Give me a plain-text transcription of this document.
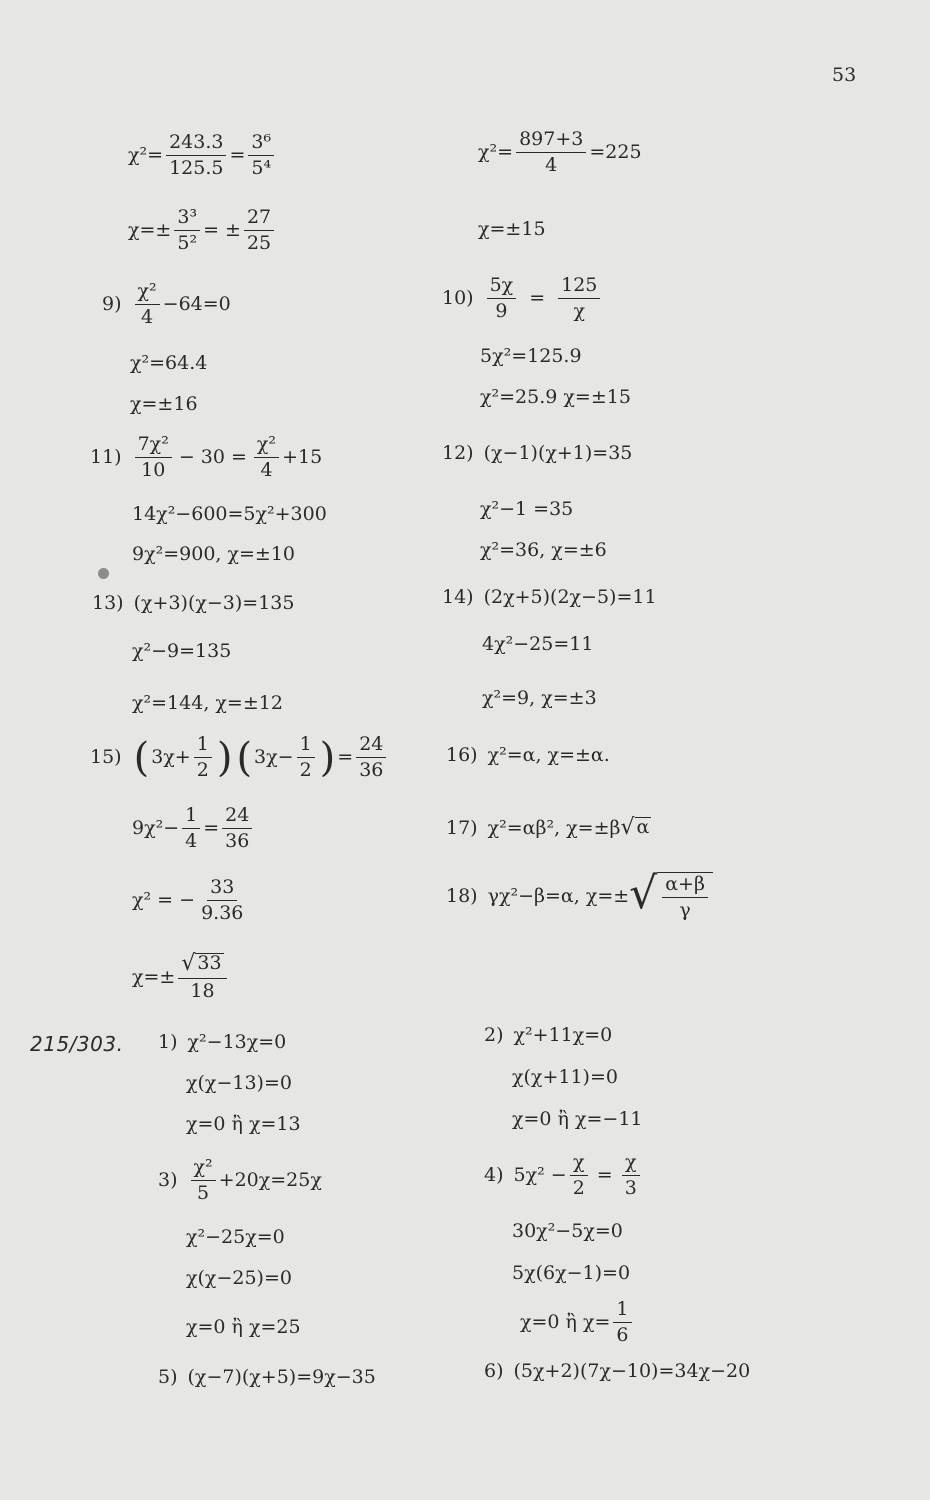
53
$\chi^2= \frac{243.3}{125.5} = \frac{\text{3⁶}}{\text{5⁴}}$
$\chi=\pm \frac{\text{3³}}{\text{5²}}$ = ± $\frac{27}{25}$
$\chi^2= \frac{897+3}{4} =225$
χ=±15
$9) \frac{\text{χ²}}{4} -64=0$
χ²=64.4
χ=±16
$10) \frac{5\chi}{9} = \frac{125}{\chi}$
5χ²=125.9
χ²=25.9 χ=±15
$11) \frac{\text{7χ²}}{10} - 30 = \frac{\text{χ²}}{4} +15$
14χ²−600=5χ²+300
9χ²=900, χ=±10
12) (χ−1)(χ+1)=35
χ²−1 =35
χ²=36, χ=±6
13) (χ+3)(χ−3)=135
χ²−9=135
χ²=144, χ=±12
14) (2χ+5)(2χ−5)=11
4χ²−25=11
χ²=9, χ=±3
15) ( $3\chi+ \frac{1}{2}$ ) ( $3\chi- \frac{1}{2}$ ) = $\frac{24}{36}$
$9\chi^2- \frac{1}{4} = \frac{24}{36}$
χ² = − $\frac{33}{9.36}$
$\chi=\pm \frac{√ 33}{18}$
16) χ²=α, χ=±α.
17) χ²=αβ², χ=±β √ α
18) γχ²−β=α, χ=± √ $\frac{\alpha+\beta}{\gamma}$
215/303. 1) χ²−13χ=0
χ(χ−13)=0
χ=0 ἢ χ=13
2) χ²+11χ=0
χ(χ+11)=0
χ=0 ἢ χ=−11
$3) \frac{\text{χ²}}{5} +20\chi=25\chi$
χ²−25χ=0
χ(χ−25)=0
χ=0 ἢ χ=25
4) $5\chi^2 - \frac{\chi}{2} = \frac{\chi}{3}$
30χ²−5χ=0
5χ(6χ−1)=0
χ=0 ἢ $\chi= \frac{1}{6}$
5) (χ−7)(χ+5)=9χ−35	6) (5χ+2)(7χ−10)=34χ−20
